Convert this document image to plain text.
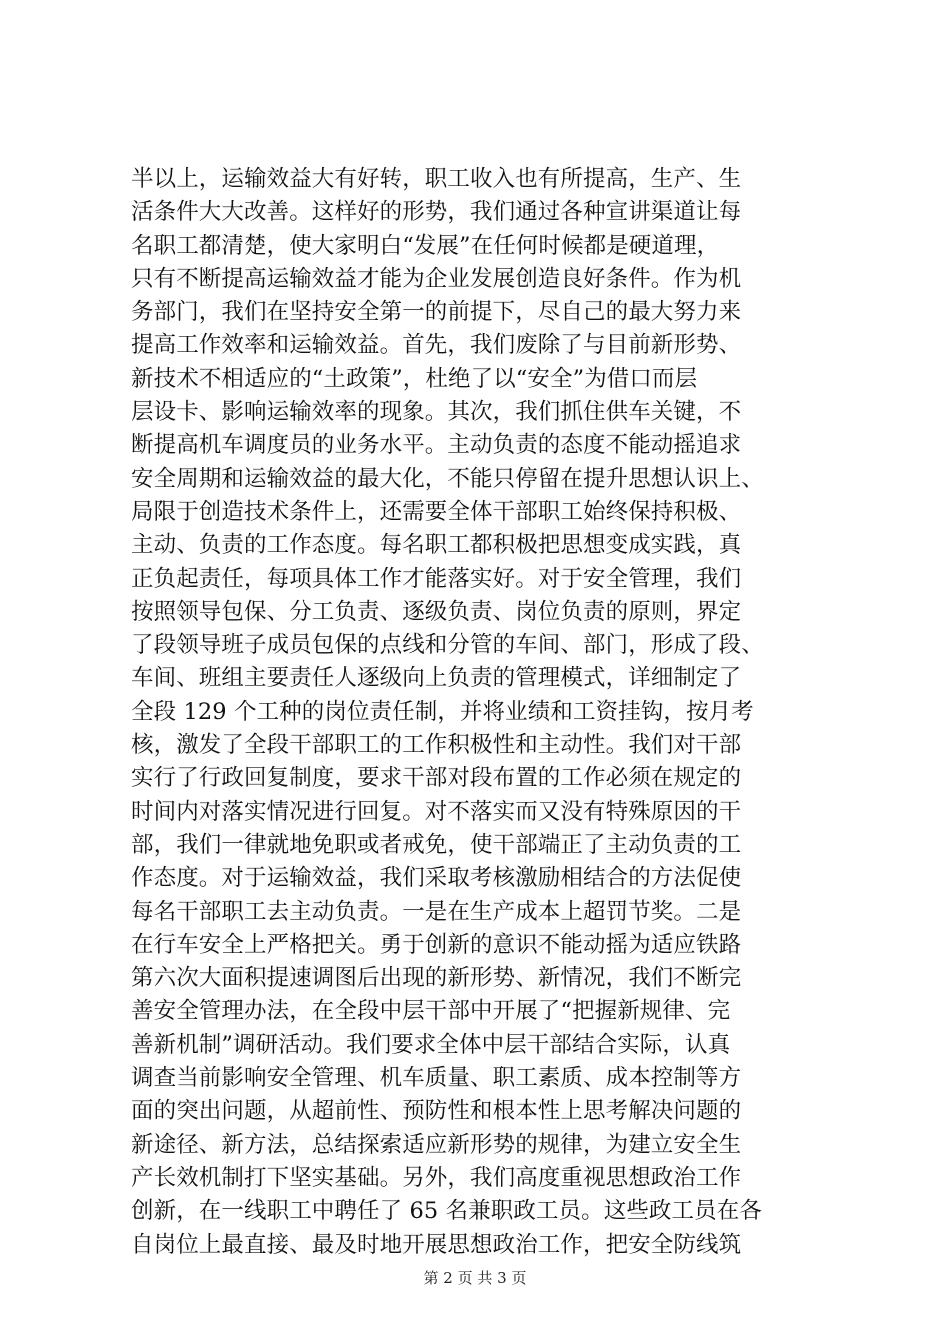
半以上，运输效益大有好转，职工收入也有所提高，生产、生
活条件大大改善。这样好的形势，我们通过各种宣讲渠道让每
名职工都清楚，使大家明白“发展”在任何时候都是硬道理，
只有不断提高运输效益才能为企业发展创造良好条件。作为机
务部门，我们在坚持安全第一的前提下，尽自己的最大努力来
提高工作效率和运输效益。首先，我们废除了与目前新形势、
新技术不相适应的“土政策”，杜绝了以“安全”为借口而层
层设卡、影响运输效率的现象。其次，我们抓住供车关键，不
断提高机车调度员的业务水平。主动负责的态度不能动摇追求
安全周期和运输效益的最大化，不能只停留在提升思想认识上、
局限于创造技术条件上，还需要全体干部职工始终保持积极、
主动、负责的工作态度。每名职工都积极把思想变成实践，真
正负起责任，每项具体工作才能落实好。对于安全管理，我们
按照领导包保、分工负责、逐级负责、岗位负责的原则，界定
了段领导班子成员包保的点线和分管的车间、部门，形成了段、
车间、班组主要责任人逐级向上负责的管理模式，详细制定了
全段 129 个工种的岗位责任制，并将业绩和工资挂钩，按月考
核，激发了全段干部职工的工作积极性和主动性。我们对干部
实行了行政回复制度，要求干部对段布置的工作必须在规定的
时间内对落实情况进行回复。对不落实而又没有特殊原因的干
部，我们一律就地免职或者戒免，使干部端正了主动负责的工
作态度。对于运输效益，我们采取考核激励相结合的方法促使
每名干部职工去主动负责。一是在生产成本上超罚节奖。二是
在行车安全上严格把关。勇于创新的意识不能动摇为适应铁路
第六次大面积提速调图后出现的新形势、新情况，我们不断完
善安全管理办法，在全段中层干部中开展了“把握新规律、完
善新机制”调研活动。我们要求全体中层干部结合实际，认真
调查当前影响安全管理、机车质量、职工素质、成本控制等方
面的突出问题，从超前性、预防性和根本性上思考解决问题的
新途径、新方法，总结探索适应新形势的规律，为建立安全生
产长效机制打下坚实基础。另外，我们高度重视思想政治工作
创新，在一线职工中聘任了 65 名兼职政工员。这些政工员在各
自岗位上最直接、最及时地开展思想政治工作，把安全防线筑
第 2 页 共 3 页
